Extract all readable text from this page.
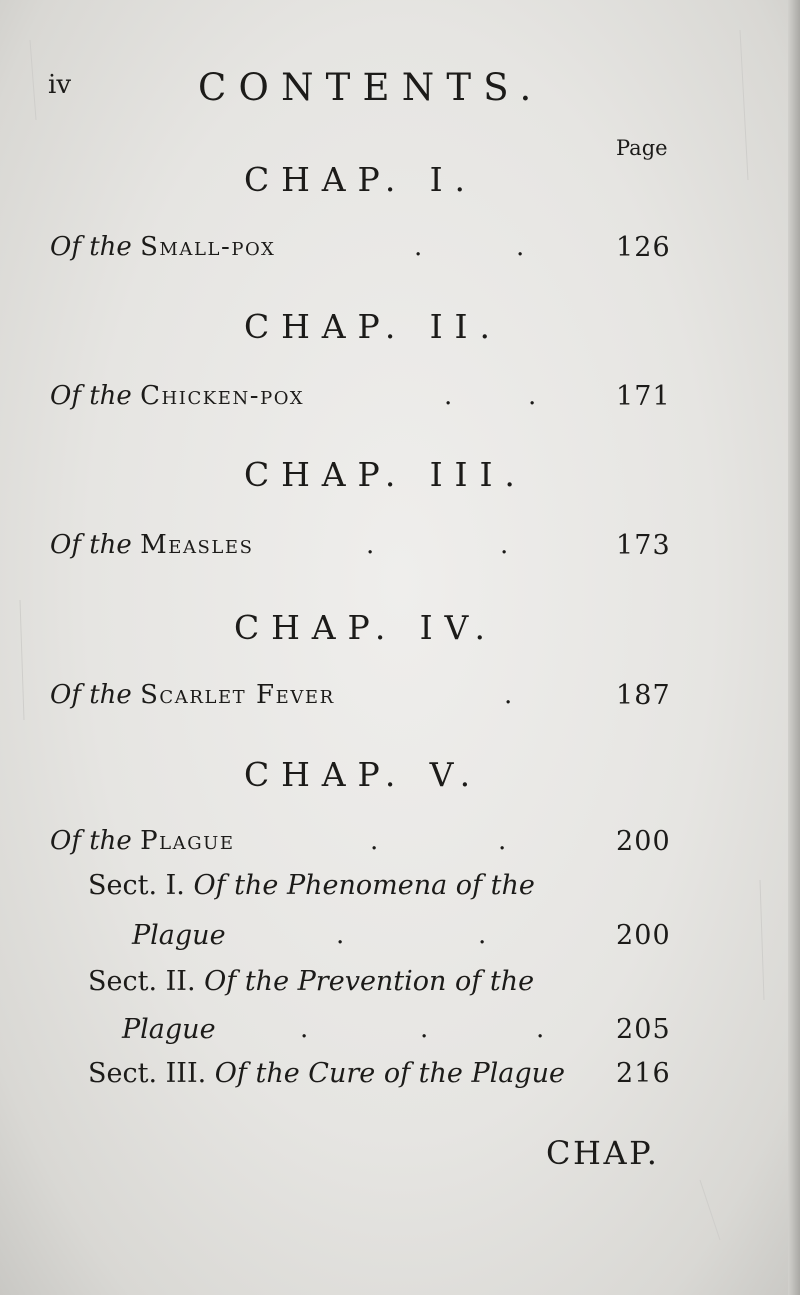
iv	CONTENTS.
Page
CHAP. I.
Of the Small-pox	.	.	126
CHAP. II.
Of the Chicken-pox	.	.	171
CHAP. III.
Of the Measles	.	.	173
CHAP. IV.
Of the Scarlet Fever	.	187
CHAP. V.
Of the Plague	.	.	200
Sect. I. Of the Phenomena of the
Plague	.	.	200
Sect. II. Of the Prevention of the
Plague	.	.	.	205
Sect. III. Of the Cure of the Plague 216
CHAP.
